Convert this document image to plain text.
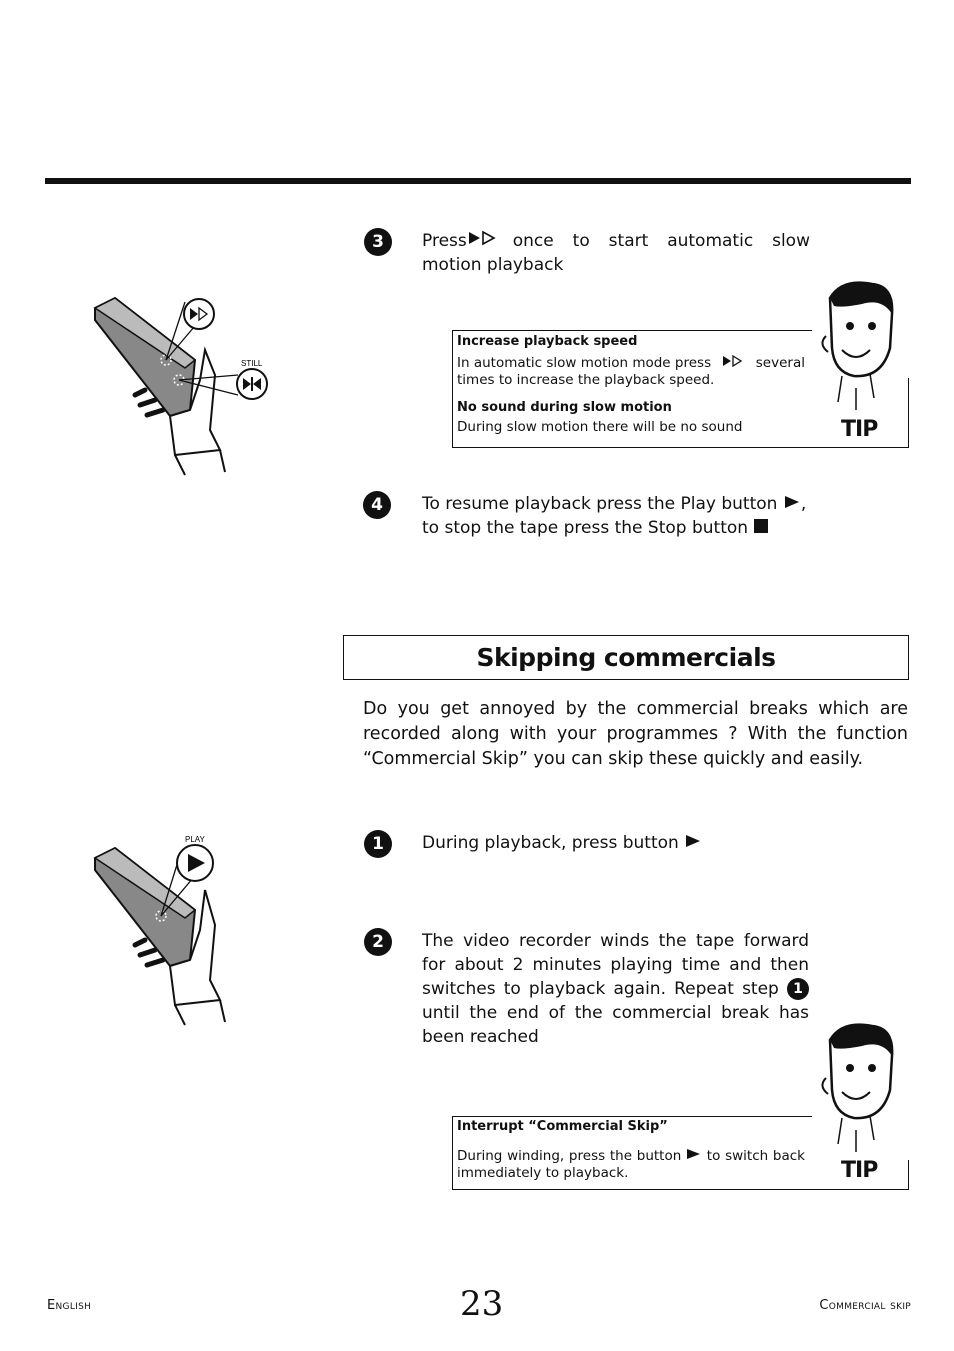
STILL
3	Press	once to start automatic slow
motion playback
Increase playback speed
In automatic slow motion mode press	several
times to increase the playback speed.
No sound during slow motion
During slow motion there will be no sound	TIP
4	To resume playback press the Play button ,
to stop the tape press the Stop button
Skipping commercials
Do you get annoyed by the commercial breaks which are recorded along with your programmes ? With the function “Commercial Skip” you can skip these quickly and easily.
PLAY	1	During playback, press button
2	The video recorder winds the tape forward for about 2 minutes playing time and then switches to playback again. Repeat step 1 until the end of the commercial break has been reached
Interrupt “Commercial Skip”
During winding, press the button to switch back immediately to playback.	TIP
English	23	Commercial skip
